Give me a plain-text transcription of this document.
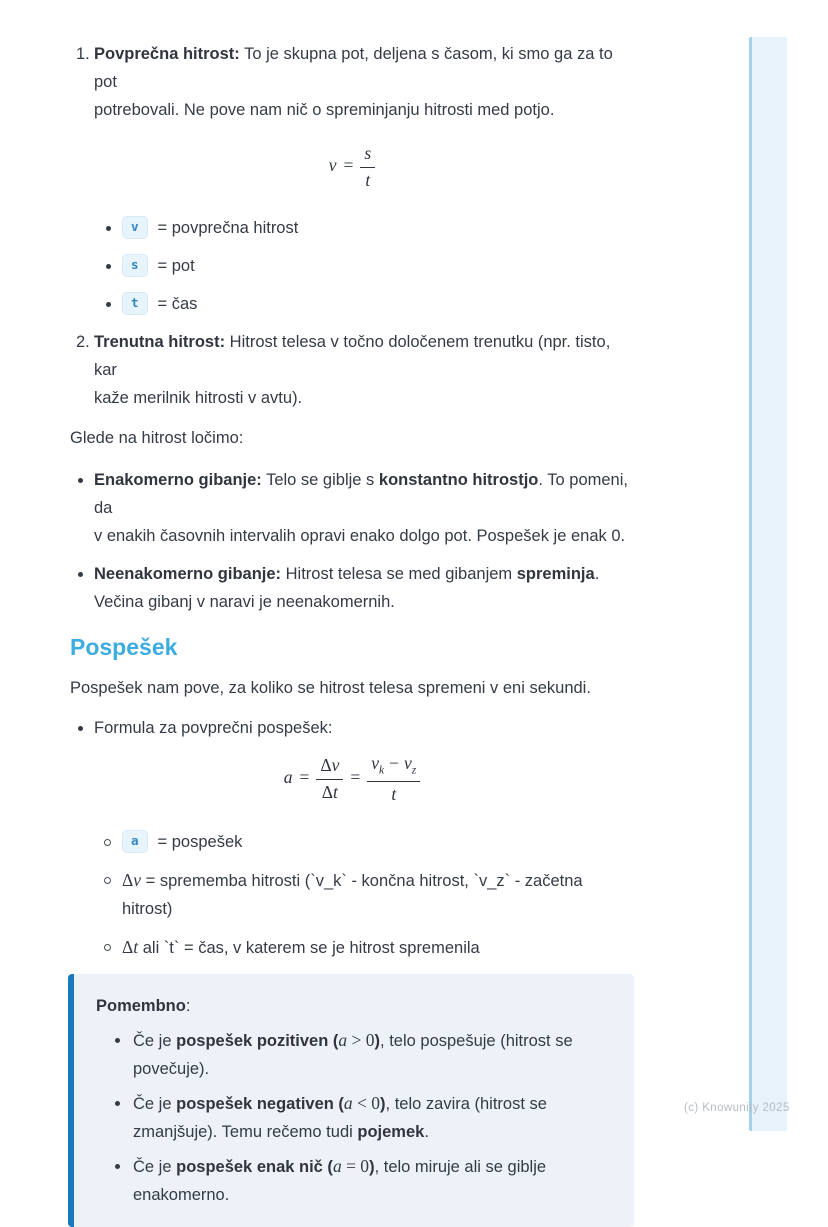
(c) Knowunity 2025
1. Povprečna hitrost: To je skupna pot, deljena s časom, ki smo ga za to pot
potrebovali. Ne pove nam nič o spreminjanju hitrosti med potjo.
$v = \frac{s}{t}$
v = povprečna hitrost
s = pot
t = čas
2. Trenutna hitrost: Hitrost telesa v točno določenem trenutku (npr. tisto, kar
kaže merilnik hitrosti v avtu).

Glede na hitrost ločimo:

Enakomerno gibanje: Telo se giblje s konstantno hitrostjo. To pomeni, da
v enakih časovnih intervalih opravi enako dolgo pot. Pospešek je enak 0.
Neenakomerno gibanje: Hitrost telesa se med gibanjem spreminja.
Večina gibanj v naravi je neenakomernih.
Pospešek

Pospešek nam pove, za koliko se hitrost telesa spremeni v eni sekundi.

Formula za povprečni pospešek:
$a = \frac{\Delta v}{\Delta t} = \frac{v_k - v_z}{t}$
a = pospešek
Δv = sprememba hitrosti (`v_k` - končna hitrost, `v_z` - začetna
hitrost)
Δt ali `t` = čas, v katerem se je hitrost spremenila
Pomembno:
Če je pospešek pozitiven (a > 0), telo pospešuje (hitrost se
povečuje).
Če je pospešek negativen (a < 0), telo zavira (hitrost se
zmanjšuje). Temu rečemo tudi pojemek.
Če je pospešek enak nič (a = 0), telo miruje ali se giblje
enakomerno.
